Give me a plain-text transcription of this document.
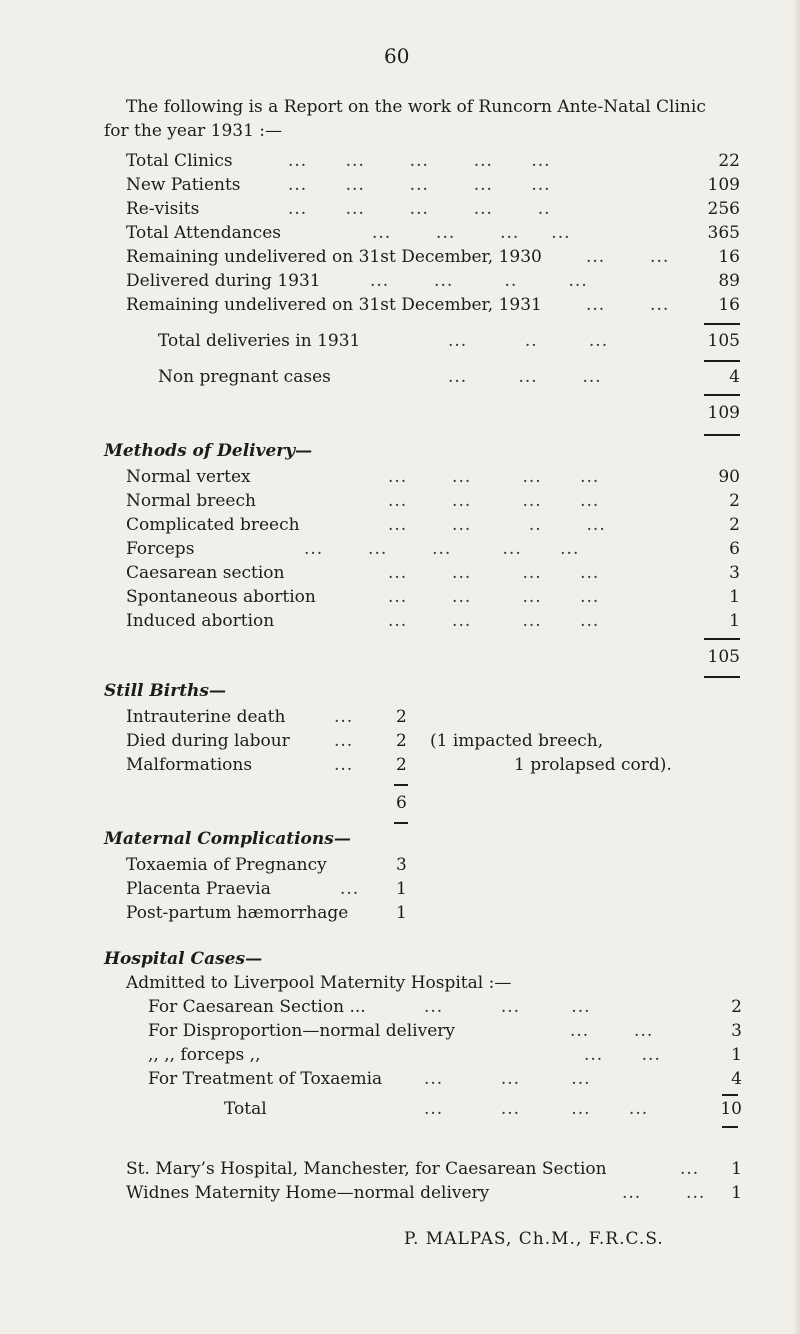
60
The following is a Report on the work of Runcorn Ante-Natal Clinic
for the year 1931 :—
Total Clinics	...      ...       ...       ...      ...	22
New Patients	...      ...       ...       ...      ...	109
Re-visits	...      ...       ...       ...       ..	256
Total Attendances	...       ...       ...     ...	365
Remaining undelivered on 31st December, 1930	...       ...	16
Delivered during 1931	...       ...        ..        ...	89
Remaining undelivered on 31st December, 1931	...       ...	16
Total deliveries in 1931	...         ..        ...	105
Non pregnant cases	...        ...       ...	4
109
Methods of Delivery—
Normal vertex	...       ...        ...      ...	90
Normal breech	...       ...        ...      ...	2
Complicated breech	...       ...         ..       ...	2
Forceps	...       ...       ...        ...      ...	6
Caesarean section	...       ...        ...      ...	3
Spontaneous abortion	...       ...        ...      ...	1
Induced abortion	...       ...        ...      ...	1
105
Still Births—
Intrauterine death	...	2
Died during labour	...	2 (1 impacted breech,
Malformations	...	2	1 prolapsed cord).
6
Maternal Complications—
Toxaemia of Pregnancy	3
Placenta Praevia	... 1
Post-partum hæmorrhage	1
Hospital Cases—
Admitted to Liverpool Maternity Hospital :—
For Caesarean Section ...	...         ...        ...	2
For Disproportion—normal delivery	...       ...	3
,, ,, forceps ,,	...      ...	1
For Treatment of Toxaemia ...         ...        ...	4
Total	...         ...        ...      ...	10
St. Mary’s Hospital, Manchester, for Caesarean Section	... 1
Widnes Maternity Home—normal delivery	...       ... 1
P. MALPAS, Ch.M., F.R.C.S.
